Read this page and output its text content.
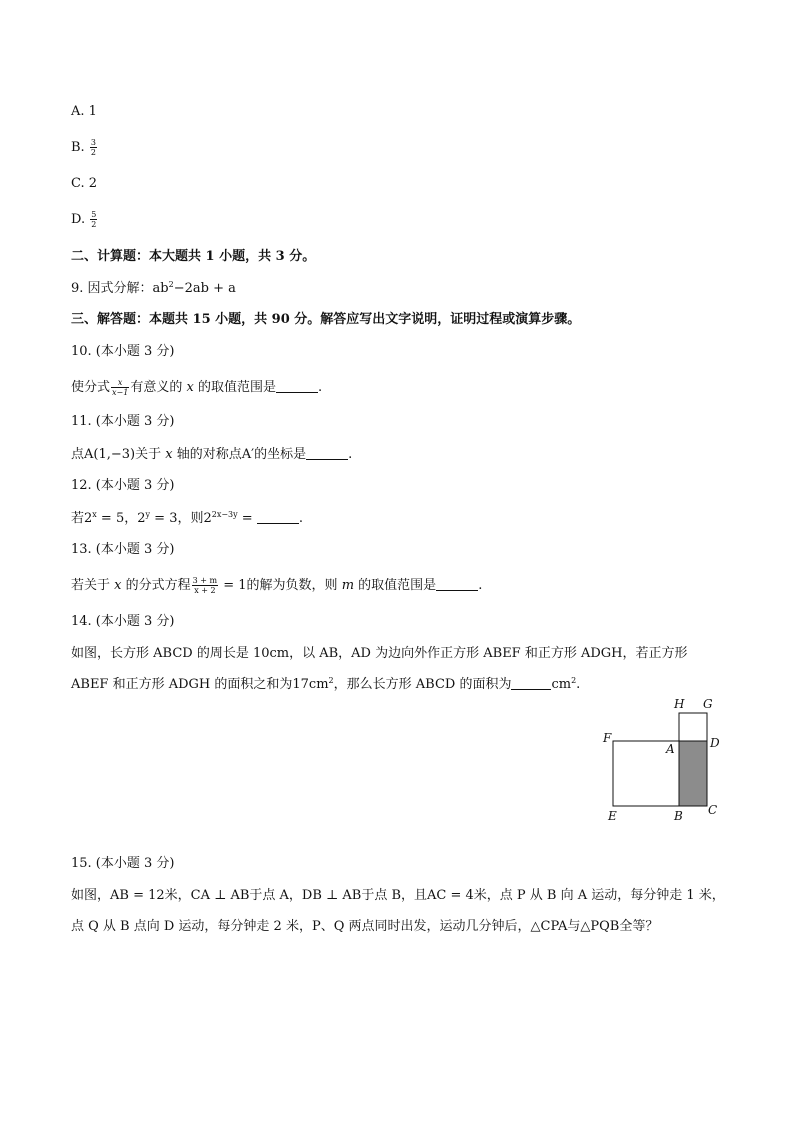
A. 1
B. $\frac{3}{2}$
C. 2
D. $\frac{5}{2}$
二、计算题：本大题共 1 小题，共 3 分。
9. 因式分解：$ab^2-2ab + a$
三、解答题：本题共 15 小题，共 90 分。解答应写出文字说明，证明过程或演算步骤。
10. (本小题 3 分)
使分式 $\frac{x}{x-1}$ 有意义的 x 的取值范围是	.
11. (本小题 3 分)
点A(1,−3)关于 x 轴的对称点A′的坐标是	.
12. (本小题 3 分)
若$2^x = 5$，$2^y = 3$，则$2^{2x-3y}$ =	.
13. (本小题 3 分)
若关于 x 的分式方程 $\frac{3 + m}{x + 2} = 1$的解为负数，则 m 的取值范围是	.
14. (本小题 3 分)
如图，长方形 ABCD 的周长是 10cm，以 AB，AD 为边向外作正方形 ABEF 和正方形 ADGH，若正方形
ABEF 和正方形 ADGH 的面积之和为$17cm^2$，那么长方形 ABCD 的面积为	$cm^2$.
H G
F
A	D
E	B C
15. (本小题 3 分)
如图，AB = 12米，CA ⊥ AB于点 A，DB ⊥ AB于点 B，且AC = 4米，点 P 从 B 向 A 运动，每分钟走 1 米，
点 Q 从 B 点向 D 运动，每分钟走 2 米，P、Q 两点同时出发，运动几分钟后，△CPA与△PQB全等？
